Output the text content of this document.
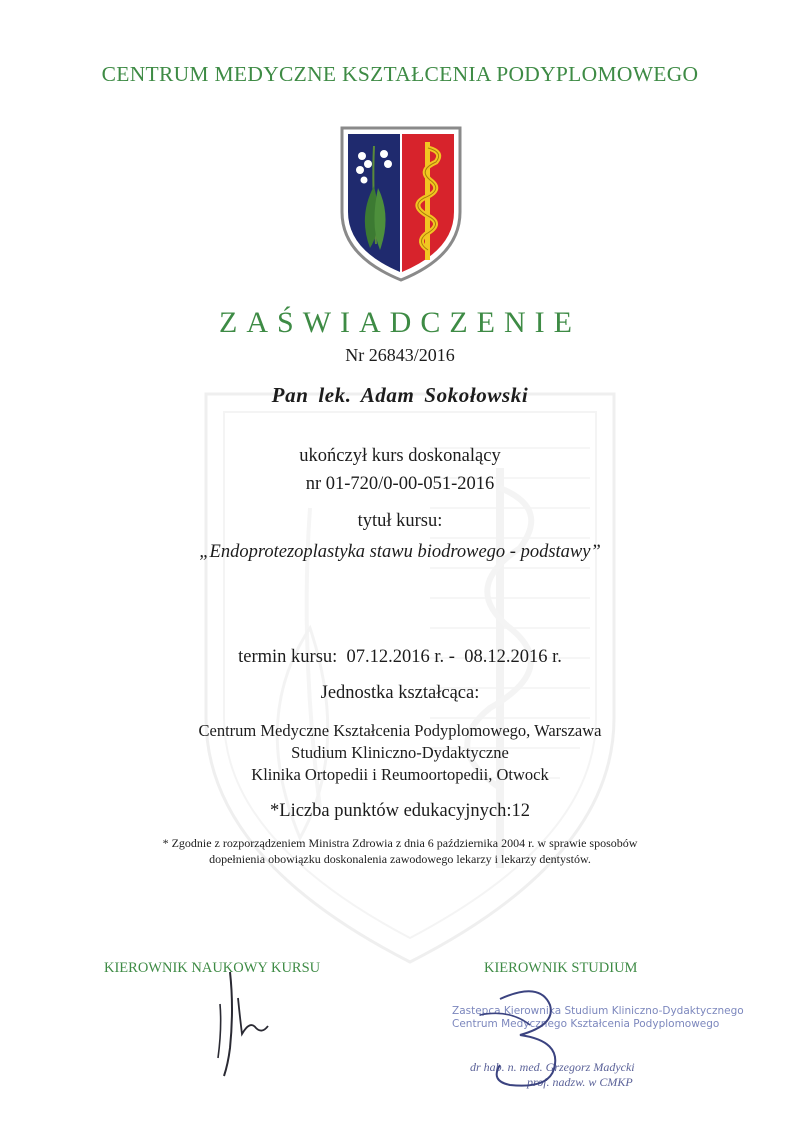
CENTRUM MEDYCZNE KSZTAŁCENIA PODYPLOMOWEGO
ZAŚWIADCZENIE
Nr 26843/2016
Pan lek. Adam Sokołowski
ukończył kurs doskonalący
nr 01-720/0-00-051-2016
tytuł kursu:
„Endoprotezoplastyka stawu biodrowego - podstawy”
termin kursu: 07.12.2016 r. - 08.12.2016 r.
Jednostka kształcąca:
Centrum Medyczne Kształcenia Podyplomowego, Warszawa
Studium Kliniczno-Dydaktyczne
Klinika Ortopedii i Reumoortopedii, Otwock
*Liczba punktów edukacyjnych:12
* Zgodnie z rozporządzeniem Ministra Zdrowia z dnia 6 października 2004 r. w sprawie sposobów
dopełnienia obowiązku doskonalenia zawodowego lekarzy i lekarzy dentystów.
KIEROWNIK NAUKOWY KURSU	KIEROWNIK STUDIUM
Zastępca Kierownika Studium Kliniczno-Dydaktycznego
Centrum Medycznego Kształcenia Podyplomowego
dr hab. n. med. Grzegorz Madycki
prof. nadzw. w CMKP
